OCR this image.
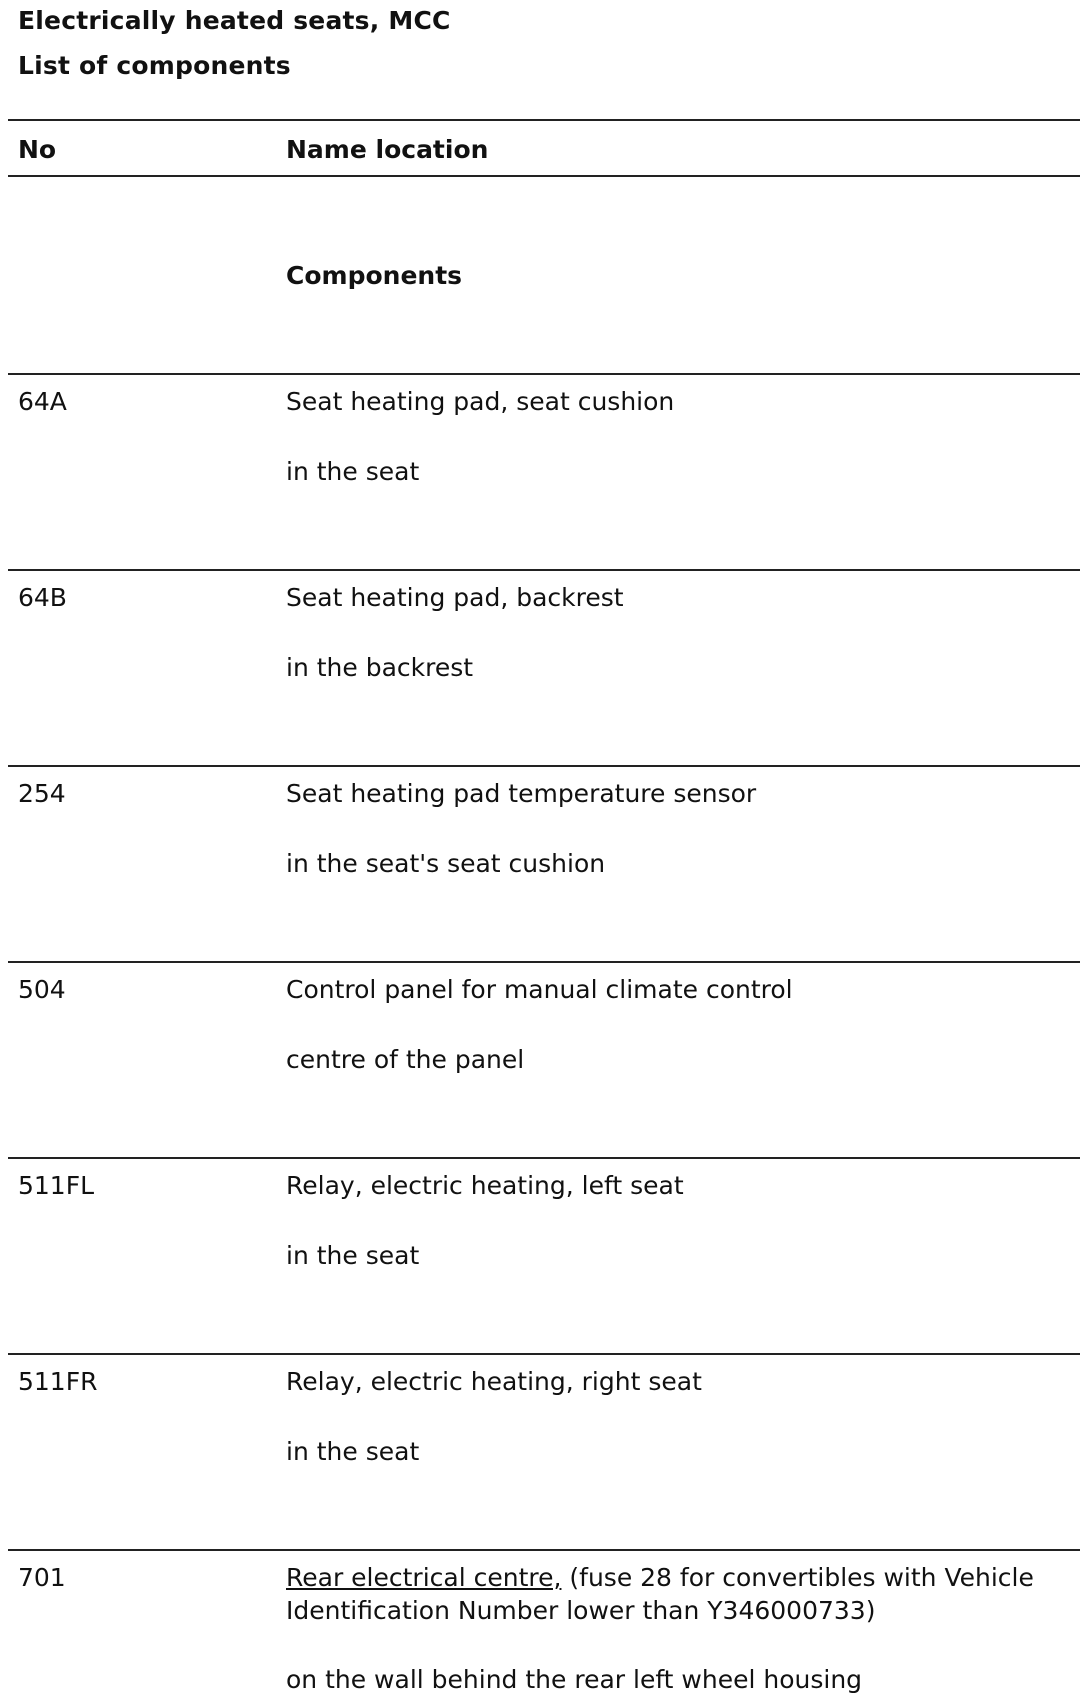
Electrically heated seats, MCC
List of components
No	Name location
Components
64A	Seat heating pad, seat cushion
in the seat
64B	Seat heating pad, backrest
in the backrest
254	Seat heating pad temperature sensor
in the seat's seat cushion
504	Control panel for manual climate control
centre of the panel
511FL	Relay, electric heating, left seat
in the seat
511FR	Relay, electric heating, right seat
in the seat
701	Rear electrical centre, (fuse 28 for convertibles with Vehicle Identification Number lower than Y346000733)
on the wall behind the rear left wheel housing
